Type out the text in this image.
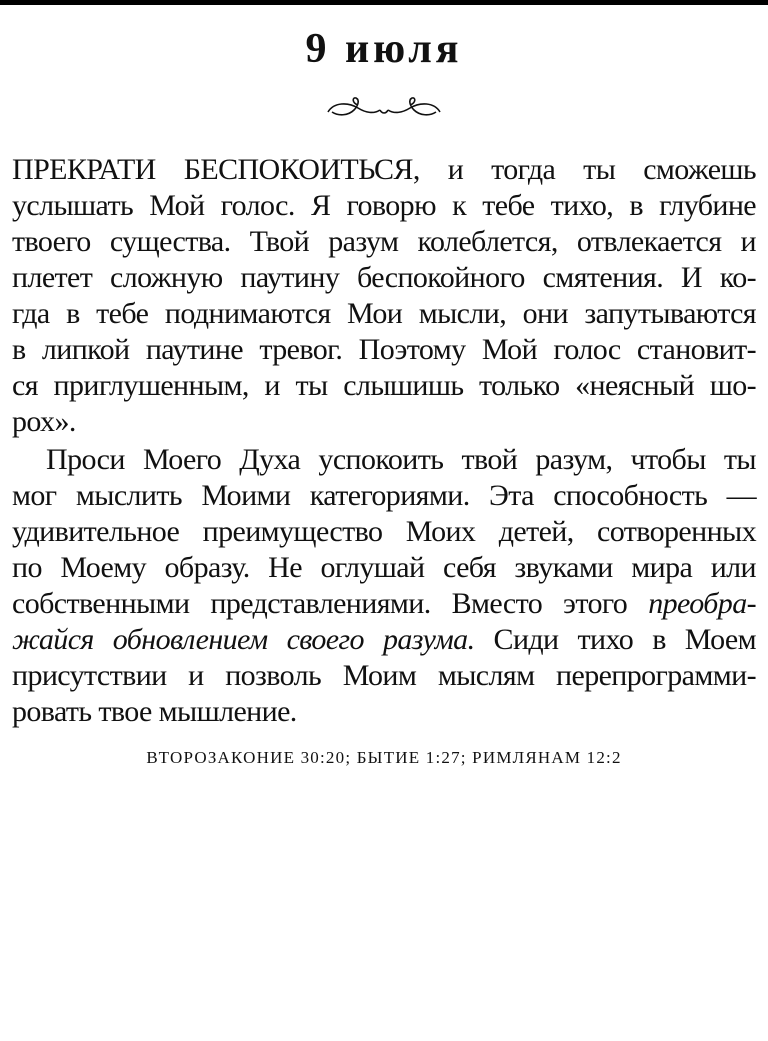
9 июля
ПРЕКРАТИ БЕСПОКОИТЬСЯ, и тогда ты сможешь
услышать Мой голос. Я говорю к тебе тихо, в глубине
твоего существа. Твой разум колеблется, отвлекается и
плетет сложную паутину беспокойного смятения. И ко-
гда в тебе поднимаются Мои мысли, они запутываются
в липкой паутине тревог. Поэтому Мой голос становит-
ся приглушенным, и ты слышишь только «неясный шо-
рох».
Проси Моего Духа успокоить твой разум, чтобы ты
мог мыслить Моими категориями. Эта способность —
удивительное преимущество Моих детей, сотворенных
по Моему образу. Не оглушай себя звуками мира или
собственными представлениями. Вместо этого преобра-
жайся обновлением своего разума. Сиди тихо в Моем
присутствии и позволь Моим мыслям перепрограмми-
ровать твое мышление.
ВТОРОЗАКОНИЕ 30:20; БЫТИЕ 1:27; РИМЛЯНАМ 12:2
